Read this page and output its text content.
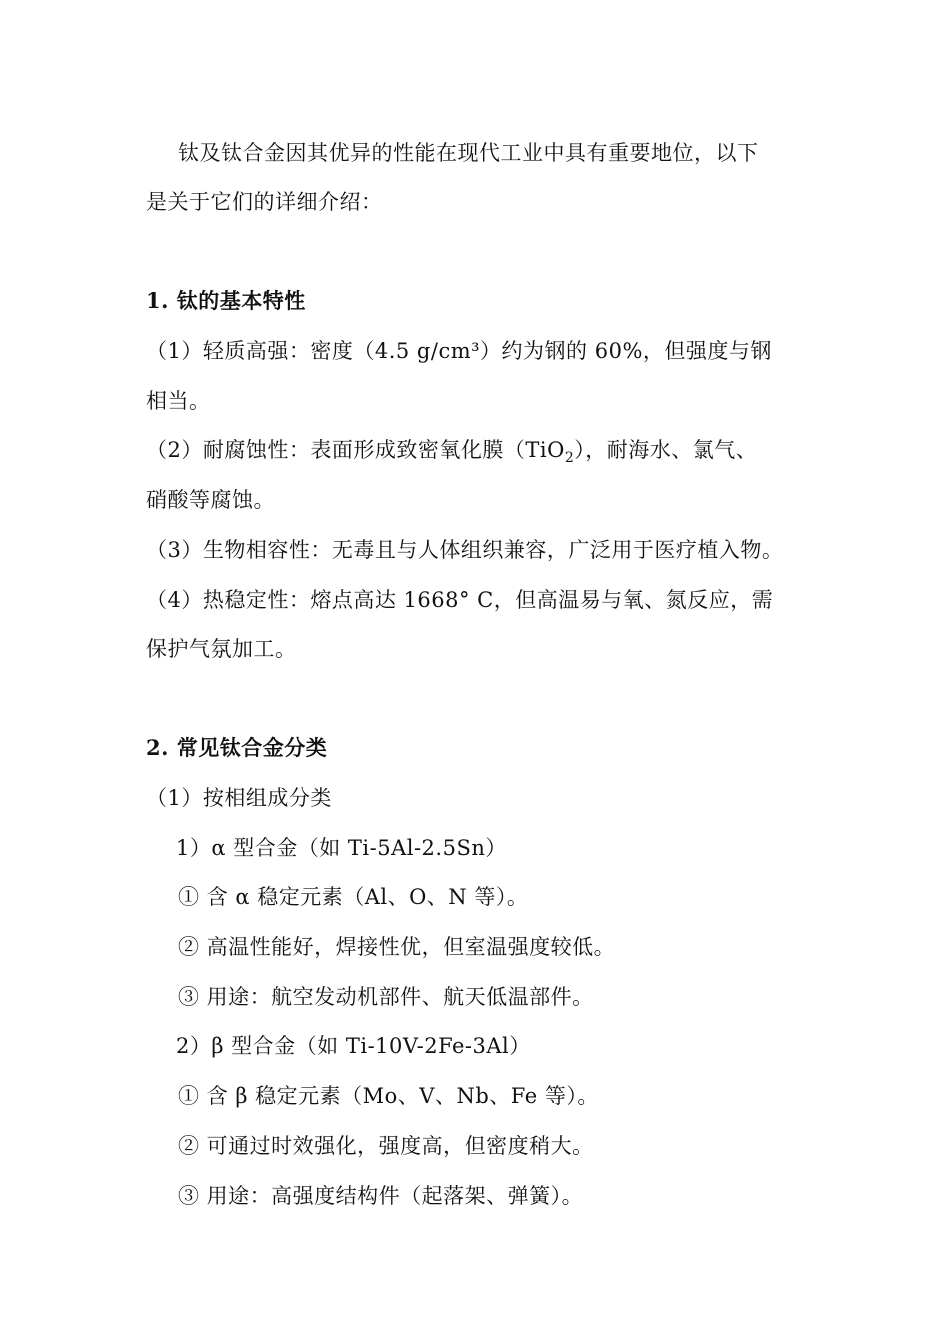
钛及钛合金因其优异的性能在现代工业中具有重要地位，以下
是关于它们的详细介绍：
1. 钛的基本特性
（1）轻质高强：密度（4.5 g/cm³）约为钢的 60%，但强度与钢
相当。
（2）耐腐蚀性：表面形成致密氧化膜（TiO$_2$），耐海水、氯气、
硝酸等腐蚀。
（3）生物相容性：无毒且与人体组织兼容，广泛用于医疗植入物。
（4）热稳定性：熔点高达 1668° C，但高温易与氧、氮反应，需
保护气氛加工。
2. 常见钛合金分类
（1）按相组成分类
1）α 型合金（如 Ti-5Al-2.5Sn）
① 含 α 稳定元素（Al、O、N 等）。
② 高温性能好，焊接性优，但室温强度较低。
③ 用途：航空发动机部件、航天低温部件。
2）β 型合金（如 Ti-10V-2Fe-3Al）
① 含 β 稳定元素（Mo、V、Nb、Fe 等）。
② 可通过时效强化，强度高，但密度稍大。
③ 用途：高强度结构件（起落架、弹簧）。
